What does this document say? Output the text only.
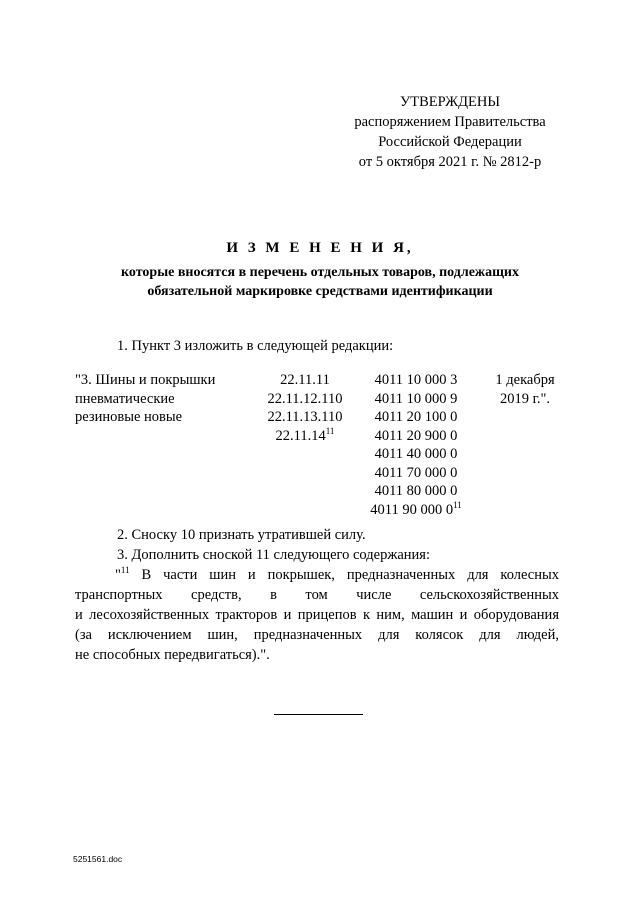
УТВЕРЖДЕНЫ
распоряжением Правительства
Российской Федерации
от 5 октября 2021 г. № 2812-р
И З М Е Н Е Н И Я,
которые вносятся в перечень отдельных товаров, подлежащих
обязательной маркировке средствами идентификации
1. Пункт 3 изложить в следующей редакции:
"3. Шины и покрышки
пневматические
резиновые новые
22.11.11
22.11.12.110
22.11.13.110
22.11.14$^{11}$
4011 10 000 3
4011 10 000 9
4011 20 100 0
4011 20 900 0
4011 40 000 0
4011 70 000 0
4011 80 000 0
4011 90 000 $0^{11}$
1 декабря
2019 г.".
2. Сноску 10 признать утратившей силу.
3. Дополнить сноской 11 следующего содержания:
"$^{11}$ В части шин и покрышек, предназначенных для колесных
транспортных средств, в том числе сельскохозяйственных
и лесохозяйственных тракторов и прицепов к ним, машин и оборудования
(за исключением шин, предназначенных для колясок для людей,
не способных передвигаться).".
5251561.doc
